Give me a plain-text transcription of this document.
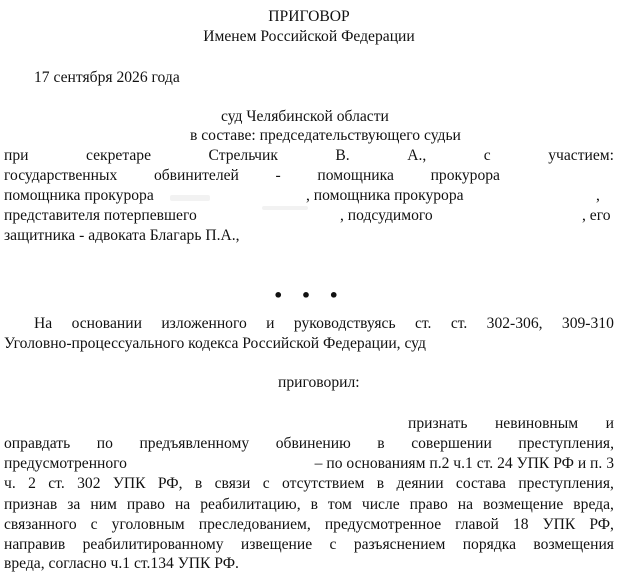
ПРИГОВОР
Именем Российской Федерации
17 сентября 2026 года
суд Челябинской области
в составе: председательствующего судьи
при	секретаре	Стрельчик В. А.,	с	участием:
государственных обвинителей - помощника прокурора
помощника прокурора	, помощника прокурора	,
представителя потерпевшего	, подсудимого	, его
защитника - адвоката Благарь П.А.,
• • •
На основании изложенного и руководствуясь ст. ст. 302-306, 309-310
Уголовно-процессуального кодекса Российской Федерации, суд
приговорил:
признать невиновным и
оправдать по предъявленному обвинению в совершении преступления,
предусмотренного	– по основаниям п.2 ч.1 ст. 24 УПК РФ и п. 3
ч. 2 ст. 302 УПК РФ, в связи с отсутствием в деянии состава преступления,
признав за ним право на реабилитацию, в том числе право на возмещение вреда,
связанного с уголовным преследованием, предусмотренное главой 18 УПК РФ,
направив реабилитированному извещение с разъяснением порядка возмещения
вреда, согласно ч.1 ст.134 УПК РФ.
